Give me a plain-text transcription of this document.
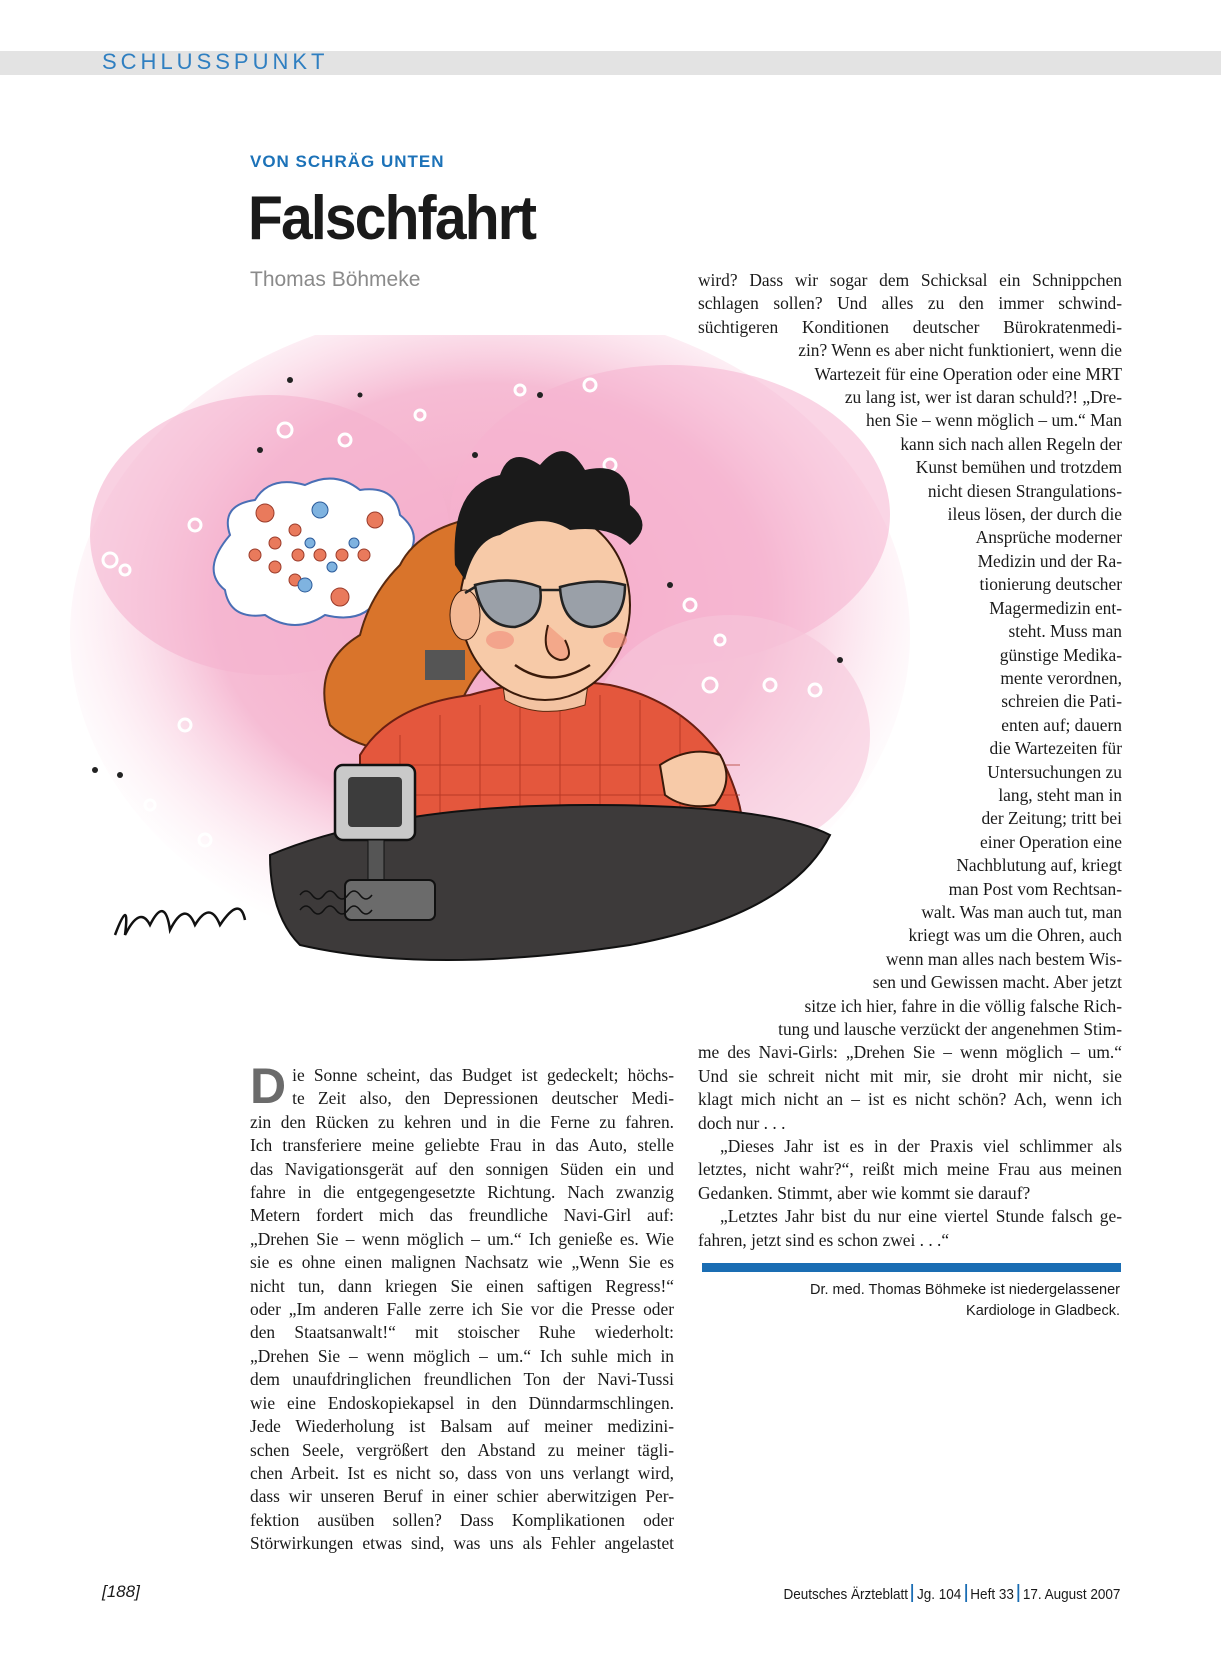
SCHLUSSPUNKT
VON SCHRÄG UNTEN
Falschfahrt
Thomas Böhmeke
D ie Sonne scheint, das Budget ist gedeckelt; höchs-
te Zeit also, den Depressionen deutscher Medi-
zin den Rücken zu kehren und in die Ferne zu fahren.
Ich transferiere meine geliebte Frau in das Auto, stelle
das Navigationsgerät auf den sonnigen Süden ein und
fahre in die entgegengesetzte Richtung. Nach zwanzig
Metern fordert mich das freundliche Navi-Girl auf:
„Drehen Sie – wenn möglich – um.“ Ich genieße es. Wie
sie es ohne einen malignen Nachsatz wie „Wenn Sie es
nicht tun, dann kriegen Sie einen saftigen Regress!“
oder „Im anderen Falle zerre ich Sie vor die Presse oder
den Staatsanwalt!“ mit stoischer Ruhe wiederholt:
„Drehen Sie – wenn möglich – um.“ Ich suhle mich in
dem unaufdringlichen freundlichen Ton der Navi-Tussi
wie eine Endoskopiekapsel in den Dünndarmschlingen.
Jede Wiederholung ist Balsam auf meiner medizini-
schen Seele, vergrößert den Abstand zu meiner tägli-
chen Arbeit. Ist es nicht so, dass von uns verlangt wird,
dass wir unseren Beruf in einer schier aberwitzigen Per-
fektion ausüben sollen? Dass Komplikationen oder
Störwirkungen etwas sind, was uns als Fehler angelastet
wird? Dass wir sogar dem Schicksal ein Schnippchen
schlagen sollen? Und alles zu den immer schwind-
süchtigeren Konditionen deutscher Bürokratenmedi-
zin? Wenn es aber nicht funktioniert, wenn die
Wartezeit für eine Operation oder eine MRT
zu lang ist, wer ist daran schuld?! „Dre-
hen Sie – wenn möglich – um.“ Man
kann sich nach allen Regeln der
Kunst bemühen und trotzdem
nicht diesen Strangulations-
ileus lösen, der durch die
Ansprüche moderner
Medizin und der Ra-
tionierung deutscher
Magermedizin ent-
steht. Muss man
günstige Medika-
mente verordnen,
schreien die Pati-
enten auf; dauern
die Wartezeiten für
Untersuchungen zu
lang, steht man in
der Zeitung; tritt bei
einer Operation eine
Nachblutung auf, kriegt
man Post vom Rechtsan-
walt. Was man auch tut, man
kriegt was um die Ohren, auch
wenn man alles nach bestem Wis-
sen und Gewissen macht. Aber jetzt
sitze ich hier, fahre in die völlig falsche Rich-
tung und lausche verzückt der angenehmen Stim-
me des Navi-Girls: „Drehen Sie – wenn möglich – um.“
Und sie schreit nicht mit mir, sie droht mir nicht, sie
klagt mich nicht an – ist es nicht schön? Ach, wenn ich
doch nur . . .
„Dieses Jahr ist es in der Praxis viel schlimmer als
letztes, nicht wahr?“, reißt mich meine Frau aus meinen
Gedanken. Stimmt, aber wie kommt sie darauf?
„Letztes Jahr bist du nur eine viertel Stunde falsch ge-
fahren, jetzt sind es schon zwei . . .“
Dr. med. Thomas Böhmeke ist niedergelassener
Kardiologe in Gladbeck.
[188]	Deutsches Ärzteblatt Jg. 104 Heft 33 17. August 2007
